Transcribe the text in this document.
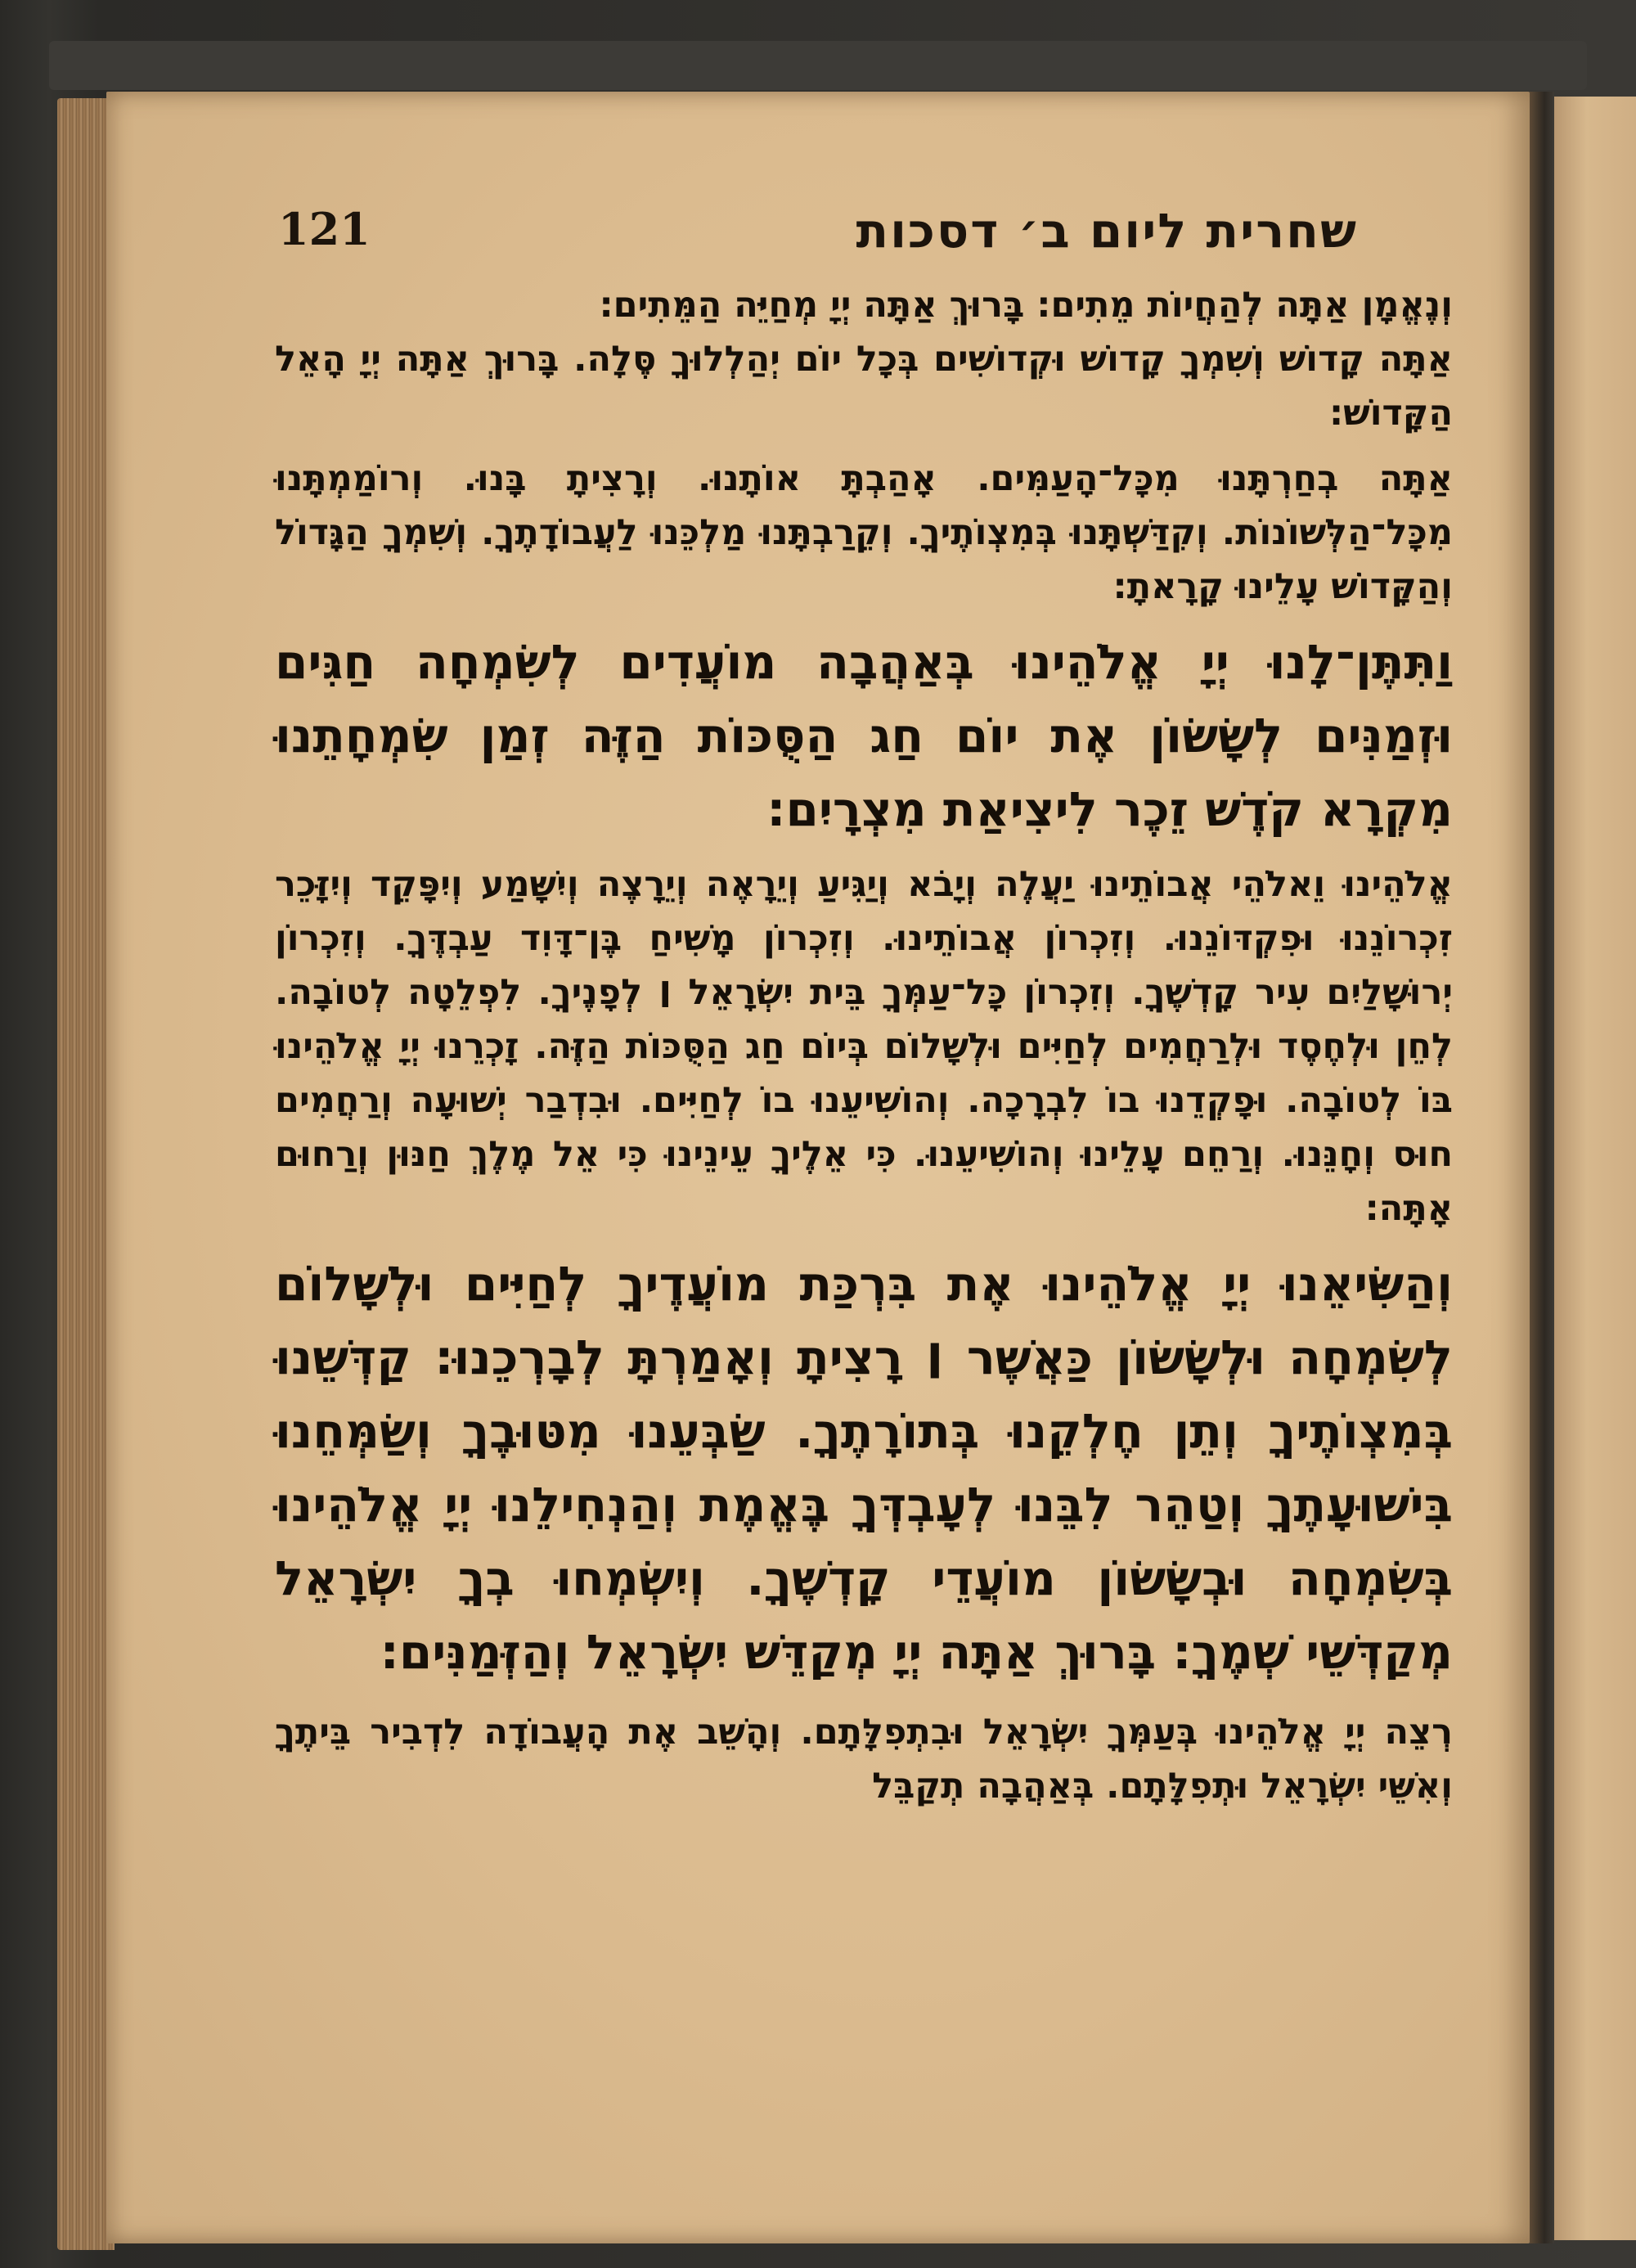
121	שחרית ליום ב׳ דסכות

וְנֶאֱמָן אַתָּה לְהַחֲיוֹת מֵתִים: בָּרוּךְ אַתָּה יְיָ מְחַיֵּה הַמֵּתִים:

אַתָּה קָדוֹשׁ וְשִׁמְךָ קָדוֹשׁ וּקְדוֹשִׁים בְּכָל יוֹם יְהַלְלוּךָ סֶּלָה. בָּרוּךְ אַתָּה יְיָ הָאֵל הַקָּדוֹשׁ:

אַתָּה בְחַרְתָּנוּ מִכָּל־הָעַמִּים. אָהַבְתָּ אוֹתָנוּ. וְרָצִיתָ בָּנוּ. וְרוֹמַמְתָּנוּ מִכָּל־הַלְּשׁוֹנוֹת. וְקִדַּשְׁתָּנוּ בְּמִצְוֹתֶיךָ. וְקֵרַבְתָּנוּ מַלְכֵּנוּ לַעֲבוֹדָתֶךָ. וְשִׁמְךָ הַגָּדוֹל וְהַקָּדוֹשׁ עָלֵינוּ קָרָאתָ:

וַתִּתֶּן־לָנוּ יְיָ אֱלֹהֵינוּ בְּאַהֲבָה מוֹעֲדִים לְשִׂמְחָה חַגִּים וּזְמַנִּים לְשָׂשׂוֹן אֶת יוֹם חַג הַסֻּכּוֹת הַזֶּה זְמַן שִׂמְחָתֵנוּ מִקְרָא קֹדֶשׁ זֵכֶר לִיצִיאַת מִצְרָיִם:

אֱלֹהֵינוּ וֵאלֹהֵי אֲבוֹתֵינוּ יַעֲלֶה וְיָבֹא וְיַגִּיעַ וְיֵרָאֶה וְיֵרָצֶה וְיִשָּׁמַע וְיִפָּקֵד וְיִזָּכֵר זִכְרוֹנֵנוּ וּפִקְדּוֹנֵנוּ. וְזִכְרוֹן אֲבוֹתֵינוּ. וְזִכְרוֹן מָשִׁיחַ בֶּן־דָּוִד עַבְדֶּךָ. וְזִכְרוֹן יְרוּשָׁלַיִם עִיר קָדְשֶׁךָ. וְזִכְרוֹן כָּל־עַמְּךָ בֵּית יִשְׂרָאֵל ׀ לְפָנֶיךָ. לִפְלֵטָה לְטוֹבָה. לְחֵן וּלְחֶסֶד וּלְרַחֲמִים לְחַיִּים וּלְשָׁלוֹם בְּיוֹם חַג הַסֻּכּוֹת הַזֶּה. זָכְרֵנוּ יְיָ אֱלֹהֵינוּ בּוֹ לְטוֹבָה. וּפָקְדֵנוּ בוֹ לִבְרָכָה. וְהוֹשִׁיעֵנוּ בוֹ לְחַיִּים. וּבִדְבַר יְשׁוּעָה וְרַחֲמִים חוּס וְחָנֵּנוּ. וְרַחֵם עָלֵינוּ וְהוֹשִׁיעֵנוּ. כִּי אֵלֶיךָ עֵינֵינוּ כִּי אֵל מֶלֶךְ חַנּוּן וְרַחוּם אָתָּה:

וְהַשִּׂיאֵנוּ יְיָ אֱלֹהֵינוּ אֶת בִּרְכַּת מוֹעֲדֶיךָ לְחַיִּים וּלְשָׁלוֹם לְשִׂמְחָה וּלְשָׂשׂוֹן כַּאֲשֶׁר ׀ רָצִיתָ וְאָמַרְתָּ לְבָרְכֵנוּ: קַדְּשֵׁנוּ בְּמִצְוֹתֶיךָ וְתֵן חֶלְקֵנוּ בְּתוֹרָתֶךָ. שַׂבְּעֵנוּ מִטּוּבֶךָ וְשַׂמְּחֵנוּ בִּישׁוּעָתֶךָ וְטַהֵר לִבֵּנוּ לְעָבְדְּךָ בֶּאֱמֶת וְהַנְחִילֵנוּ יְיָ אֱלֹהֵינוּ בְּשִׂמְחָה וּבְשָׂשׂוֹן מוֹעֲדֵי קָדְשֶׁךָ. וְיִשְׂמְחוּ בְךָ יִשְׂרָאֵל מְקַדְּשֵׁי שְׁמֶךָ: בָּרוּךְ אַתָּה יְיָ מְקַדֵּשׁ יִשְׂרָאֵל וְהַזְּמַנִּים:

רְצֵה יְיָ אֱלֹהֵינוּ בְּעַמְּךָ יִשְׂרָאֵל וּבִתְפִלָּתָם. וְהָשֵׁב אֶת הָעֲבוֹדָה לִדְבִיר בֵּיתֶךָ וְאִשֵּׁי יִשְׂרָאֵל וּתְפִלָּתָם. בְּאַהֲבָה תְקַבֵּל
